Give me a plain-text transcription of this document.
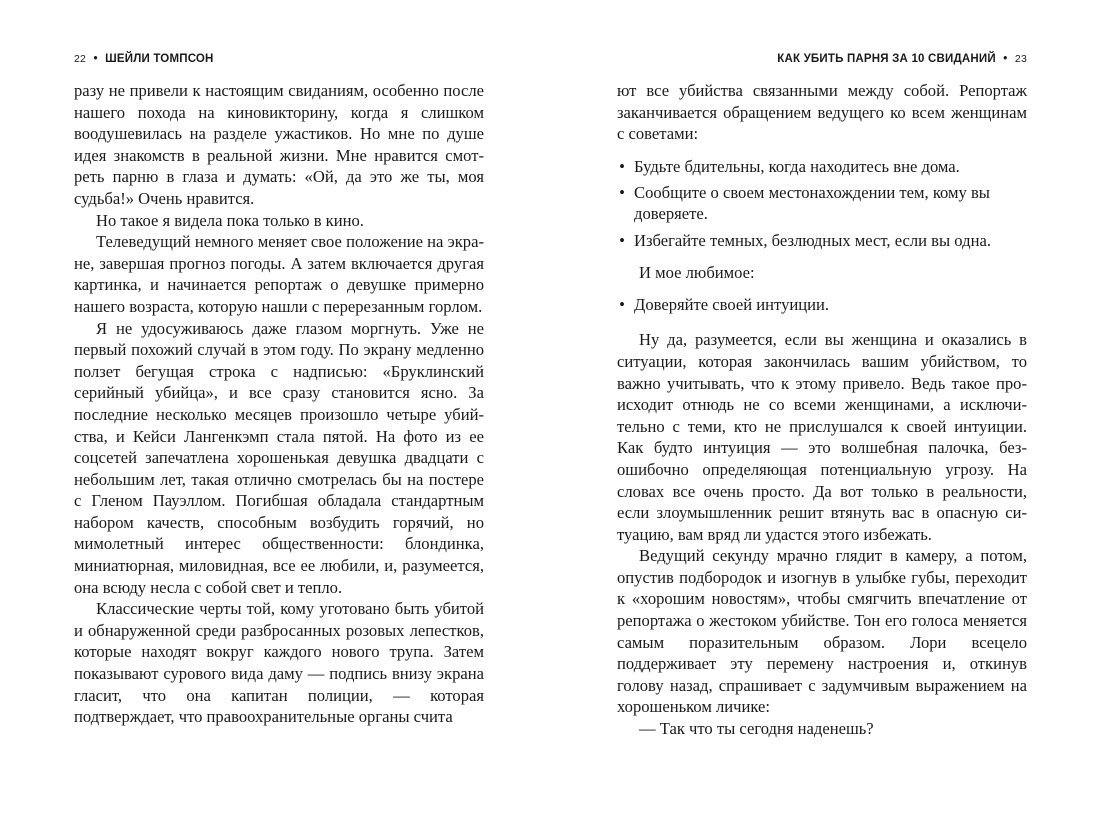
22 • ШЕЙЛИ ТОМПСОН

разу не привели к настоящим свиданиям, особенно после нашего похода на киновикторину, когда я слишком воодушевилась на разделе ужастиков. Но мне по душе идея знакомств в реальной жизни. Мне нравится смотреть парню в глаза и думать: «Ой, да это же ты, моя судьба!» Очень нравится.

Но такое я видела пока только в кино.

Телеведущий немного меняет свое положение на экране, завершая прогноз погоды. А затем включается другая картинка, и начинается репортаж о девушке примерно нашего возраста, которую нашли с перерезанным горлом.

Я не удосуживаюсь даже глазом моргнуть. Уже не первый похожий случай в этом году. По экрану медленно ползет бегущая строка с надписью: «Бруклинский серийный убийца», и все сразу становится ясно. За последние несколько месяцев произошло четыре убийства, и Кейси Лангенкэмп стала пятой. На фото из ее соцсетей запечатлена хорошенькая девушка двадцати с небольшим лет, такая отлично смотрелась бы на постере с Гленом Пауэллом. Погибшая обладала стандартным набором качеств, способным возбудить горячий, но мимолетный интерес общественности: блондинка, миниатюрная, миловидная, все ее любили, и, разумеется, она всюду несла с собой свет и тепло.

Классические черты той, кому уготовано быть убитой и обнаруженной среди разбросанных розовых лепестков, которые находят вокруг каждого нового трупа. Затем показывают сурового вида даму — подпись внизу экрана гласит, что она капитан полиции, — которая подтверждает, что правоохранительные органы счита

КАК УБИТЬ ПАРНЯ ЗА 10 СВИДАНИЙ • 23

ют все убийства связанными между собой. Репортаж заканчивается обращением ведущего ко всем женщинам с советами:

• Будьте бдительны, когда находитесь вне дома.
• Сообщите о своем местонахождении тем, кому вы доверяете.
• Избегайте темных, безлюдных мест, если вы одна.

И мое любимое:

• Доверяйте своей интуиции.

Ну да, разумеется, если вы женщина и оказались в ситуации, которая закончилась вашим убийством, то важно учитывать, что к этому привело. Ведь такое происходит отнюдь не со всеми женщинами, а исключительно с теми, кто не прислушался к своей интуиции. Как будто интуиция — это волшебная палочка, безошибочно определяющая потенциальную угрозу. На словах все очень просто. Да вот только в реальности, если злоумышленник решит втянуть вас в опасную ситуацию, вам вряд ли удастся этого избежать.

Ведущий секунду мрачно глядит в камеру, а потом, опустив подбородок и изогнув в улыбке губы, переходит к «хорошим новостям», чтобы смягчить впечатление от репортажа о жестоком убийстве. Тон его голоса меняется самым поразительным образом. Лори всецело поддерживает эту перемену настроения и, откинув голову назад, спрашивает с задумчивым выражением на хорошеньком личике:

— Так что ты сегодня наденешь?
